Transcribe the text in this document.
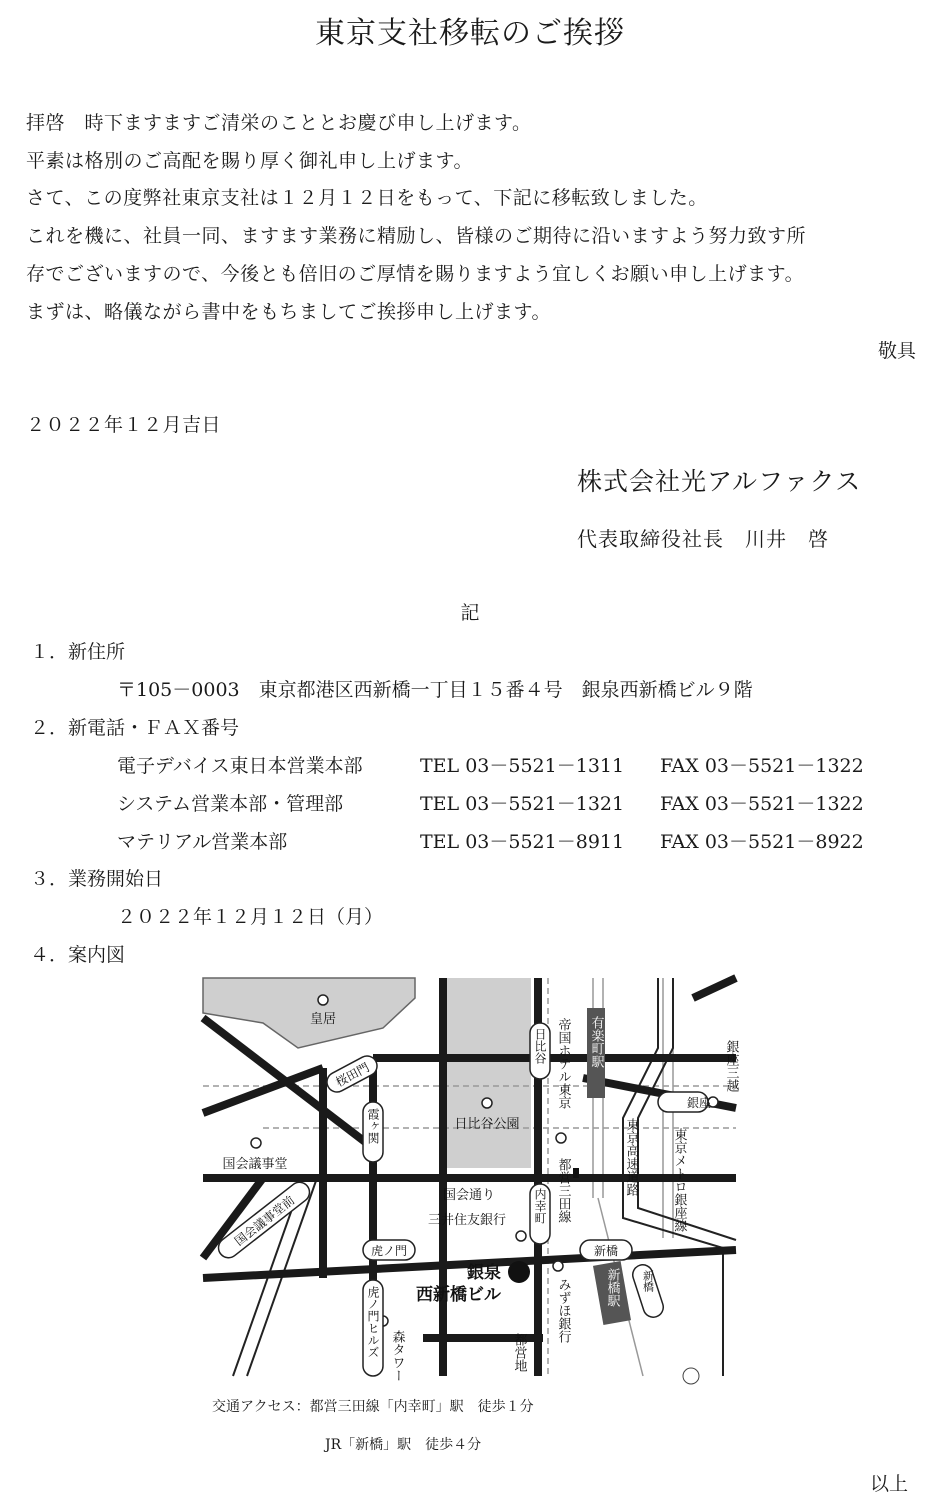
東京支社移転のご挨拶
拝啓　時下ますますご清栄のこととお慶び申し上げます。
平素は格別のご高配を賜り厚く御礼申し上げます。
さて、この度弊社東京支社は１２月１２日をもって、下記に移転致しました。
これを機に、社員一同、ますます業務に精励し、皆様のご期待に沿いますよう努力致す所
存でございますので、今後とも倍旧のご厚情を賜りますよう宜しくお願い申し上げます。
まずは、略儀ながら書中をもちましてご挨拶申し上げます。
敬具
２０２２年１２月吉日
株式会社光アルファクス
代表取締役社長　川井　啓
記
１．新住所
〒105－0003　東京都港区西新橋一丁目１５番４号　銀泉西新橋ビル９階
２．新電話・ＦＡＸ番号
電子デバイス東日本営業本部	TEL 03－5521－1311 FAX 03－5521－1322
システム営業本部・管理部	TEL 03－5521－1321 FAX 03－5521－1322
マテリアル営業本部	TEL 03－5521－8911 FAX 03－5521－8922
３．業務開始日
２０２２年１２月１２日（月）
４．案内図
皇居
桜田門
日比谷公園
銀座
国会議事堂
国会議事堂前	国会通り
三井住友銀行
虎ノ門	新橋
銀泉
西新橋ビル
霞ヶ関
日比谷 帝国ホテル東京 有楽町駅	銀座三越
東京メトロ銀座線
東京高速道路
都営三田線
内幸町
新橋駅 新橋
みずほ銀行
虎ノ門ヒルズ 森タワー	都営地
交通アクセス：都営三田線「内幸町」駅　徒歩１分
JR「新橋」駅　徒歩４分
以上
